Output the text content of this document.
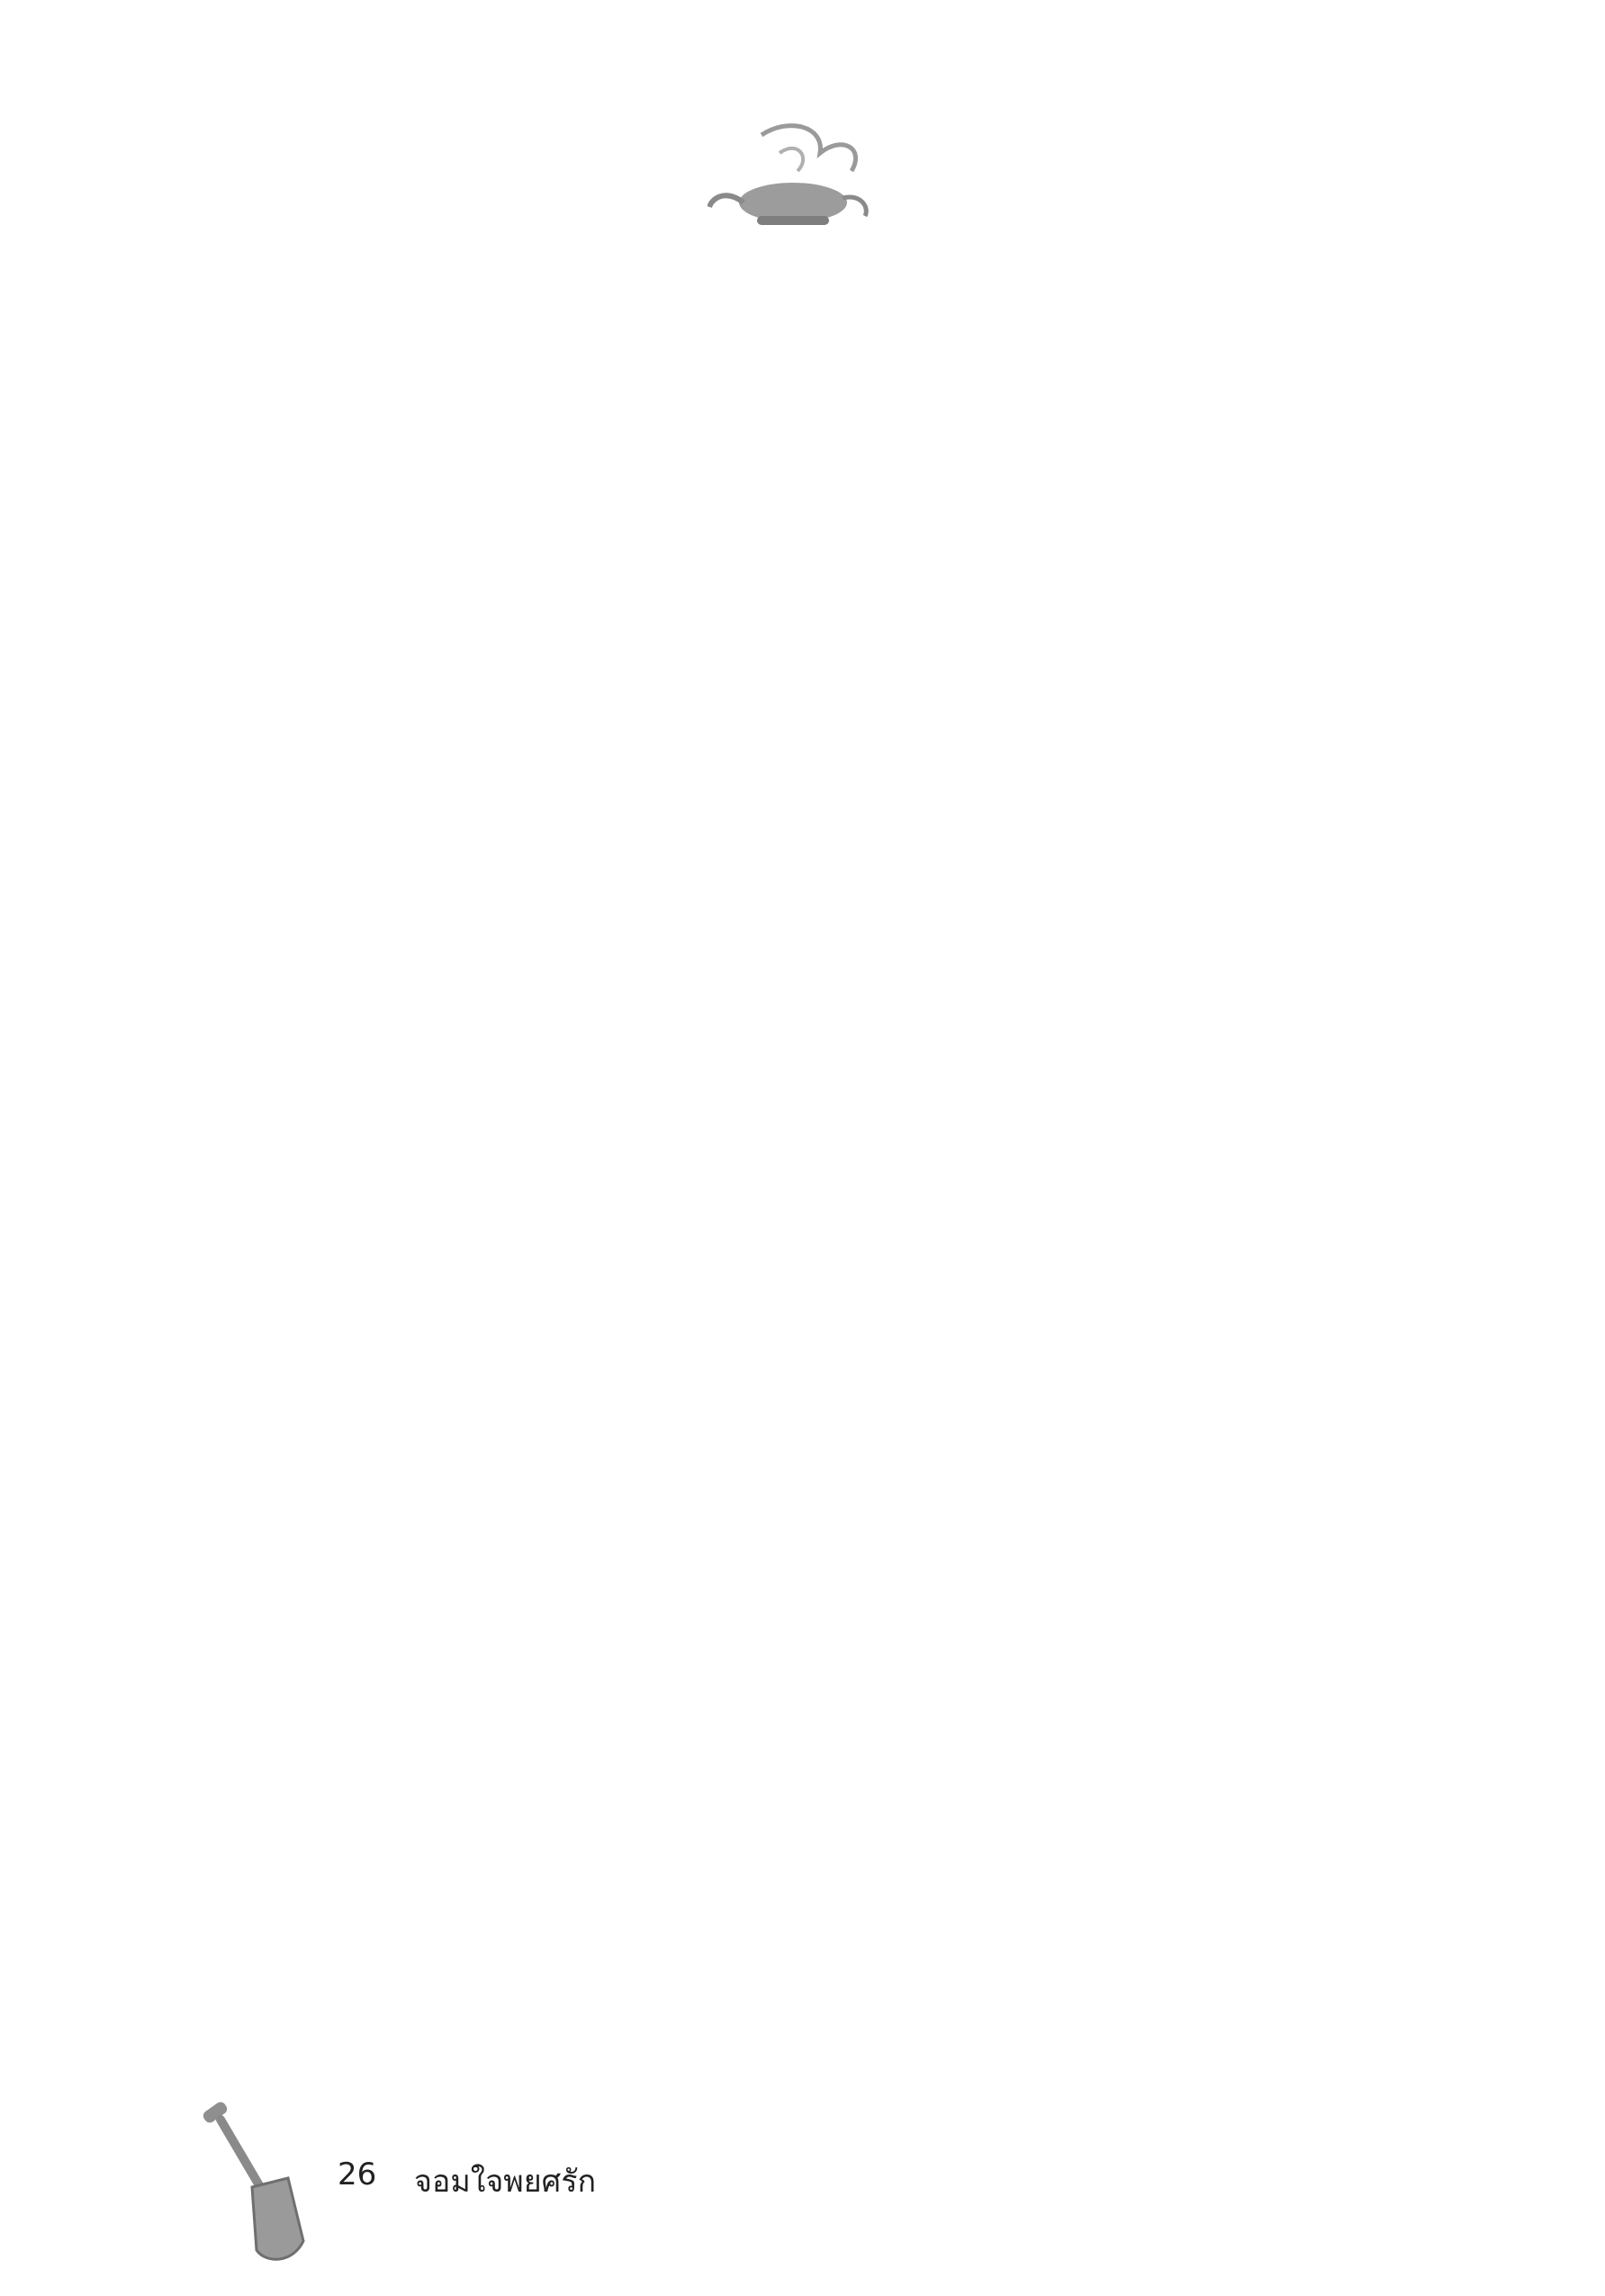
26 จอมใจพยศรัก
